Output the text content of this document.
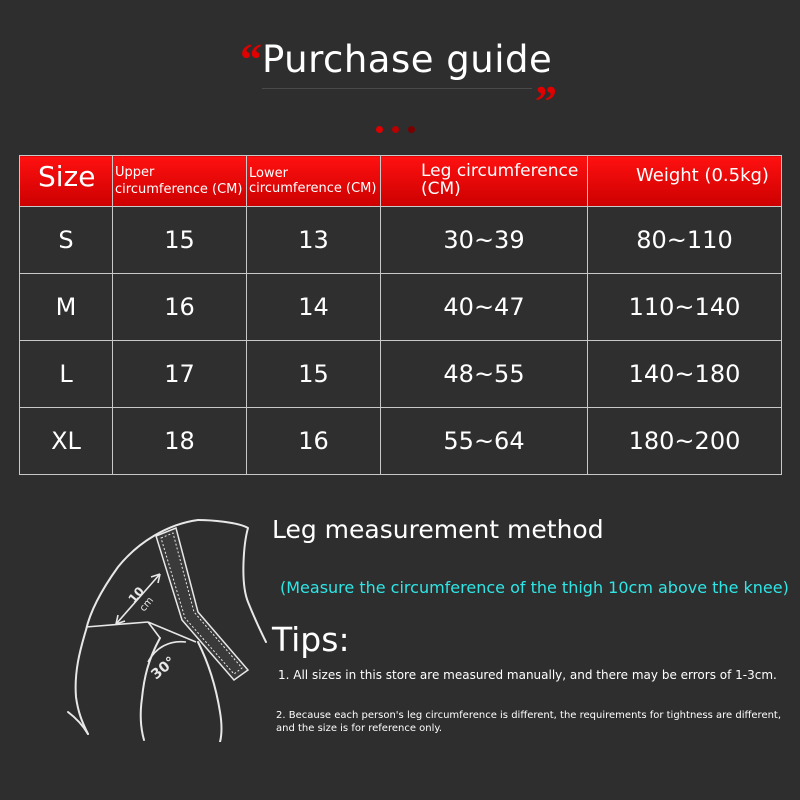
“ Purchase guide
”
Size	Upper circumference (CM)	Lower circumference (CM)	Leg circumference (CM)	Weight (0.5kg)
S	15	13	30~39	80~110
M	16	14	40~47	110~140
L	17	15	48~55	140~180
XL	18	16	55~64	180~200
10
cm
30°
Leg measurement method
(Measure the circumference of the thigh 10cm above the knee)
Tips:
1. All sizes in this store are measured manually, and there may be errors of 1-3cm.
2. Because each person's leg circumference is different, the requirements for tightness are different, and the size is for reference only.
